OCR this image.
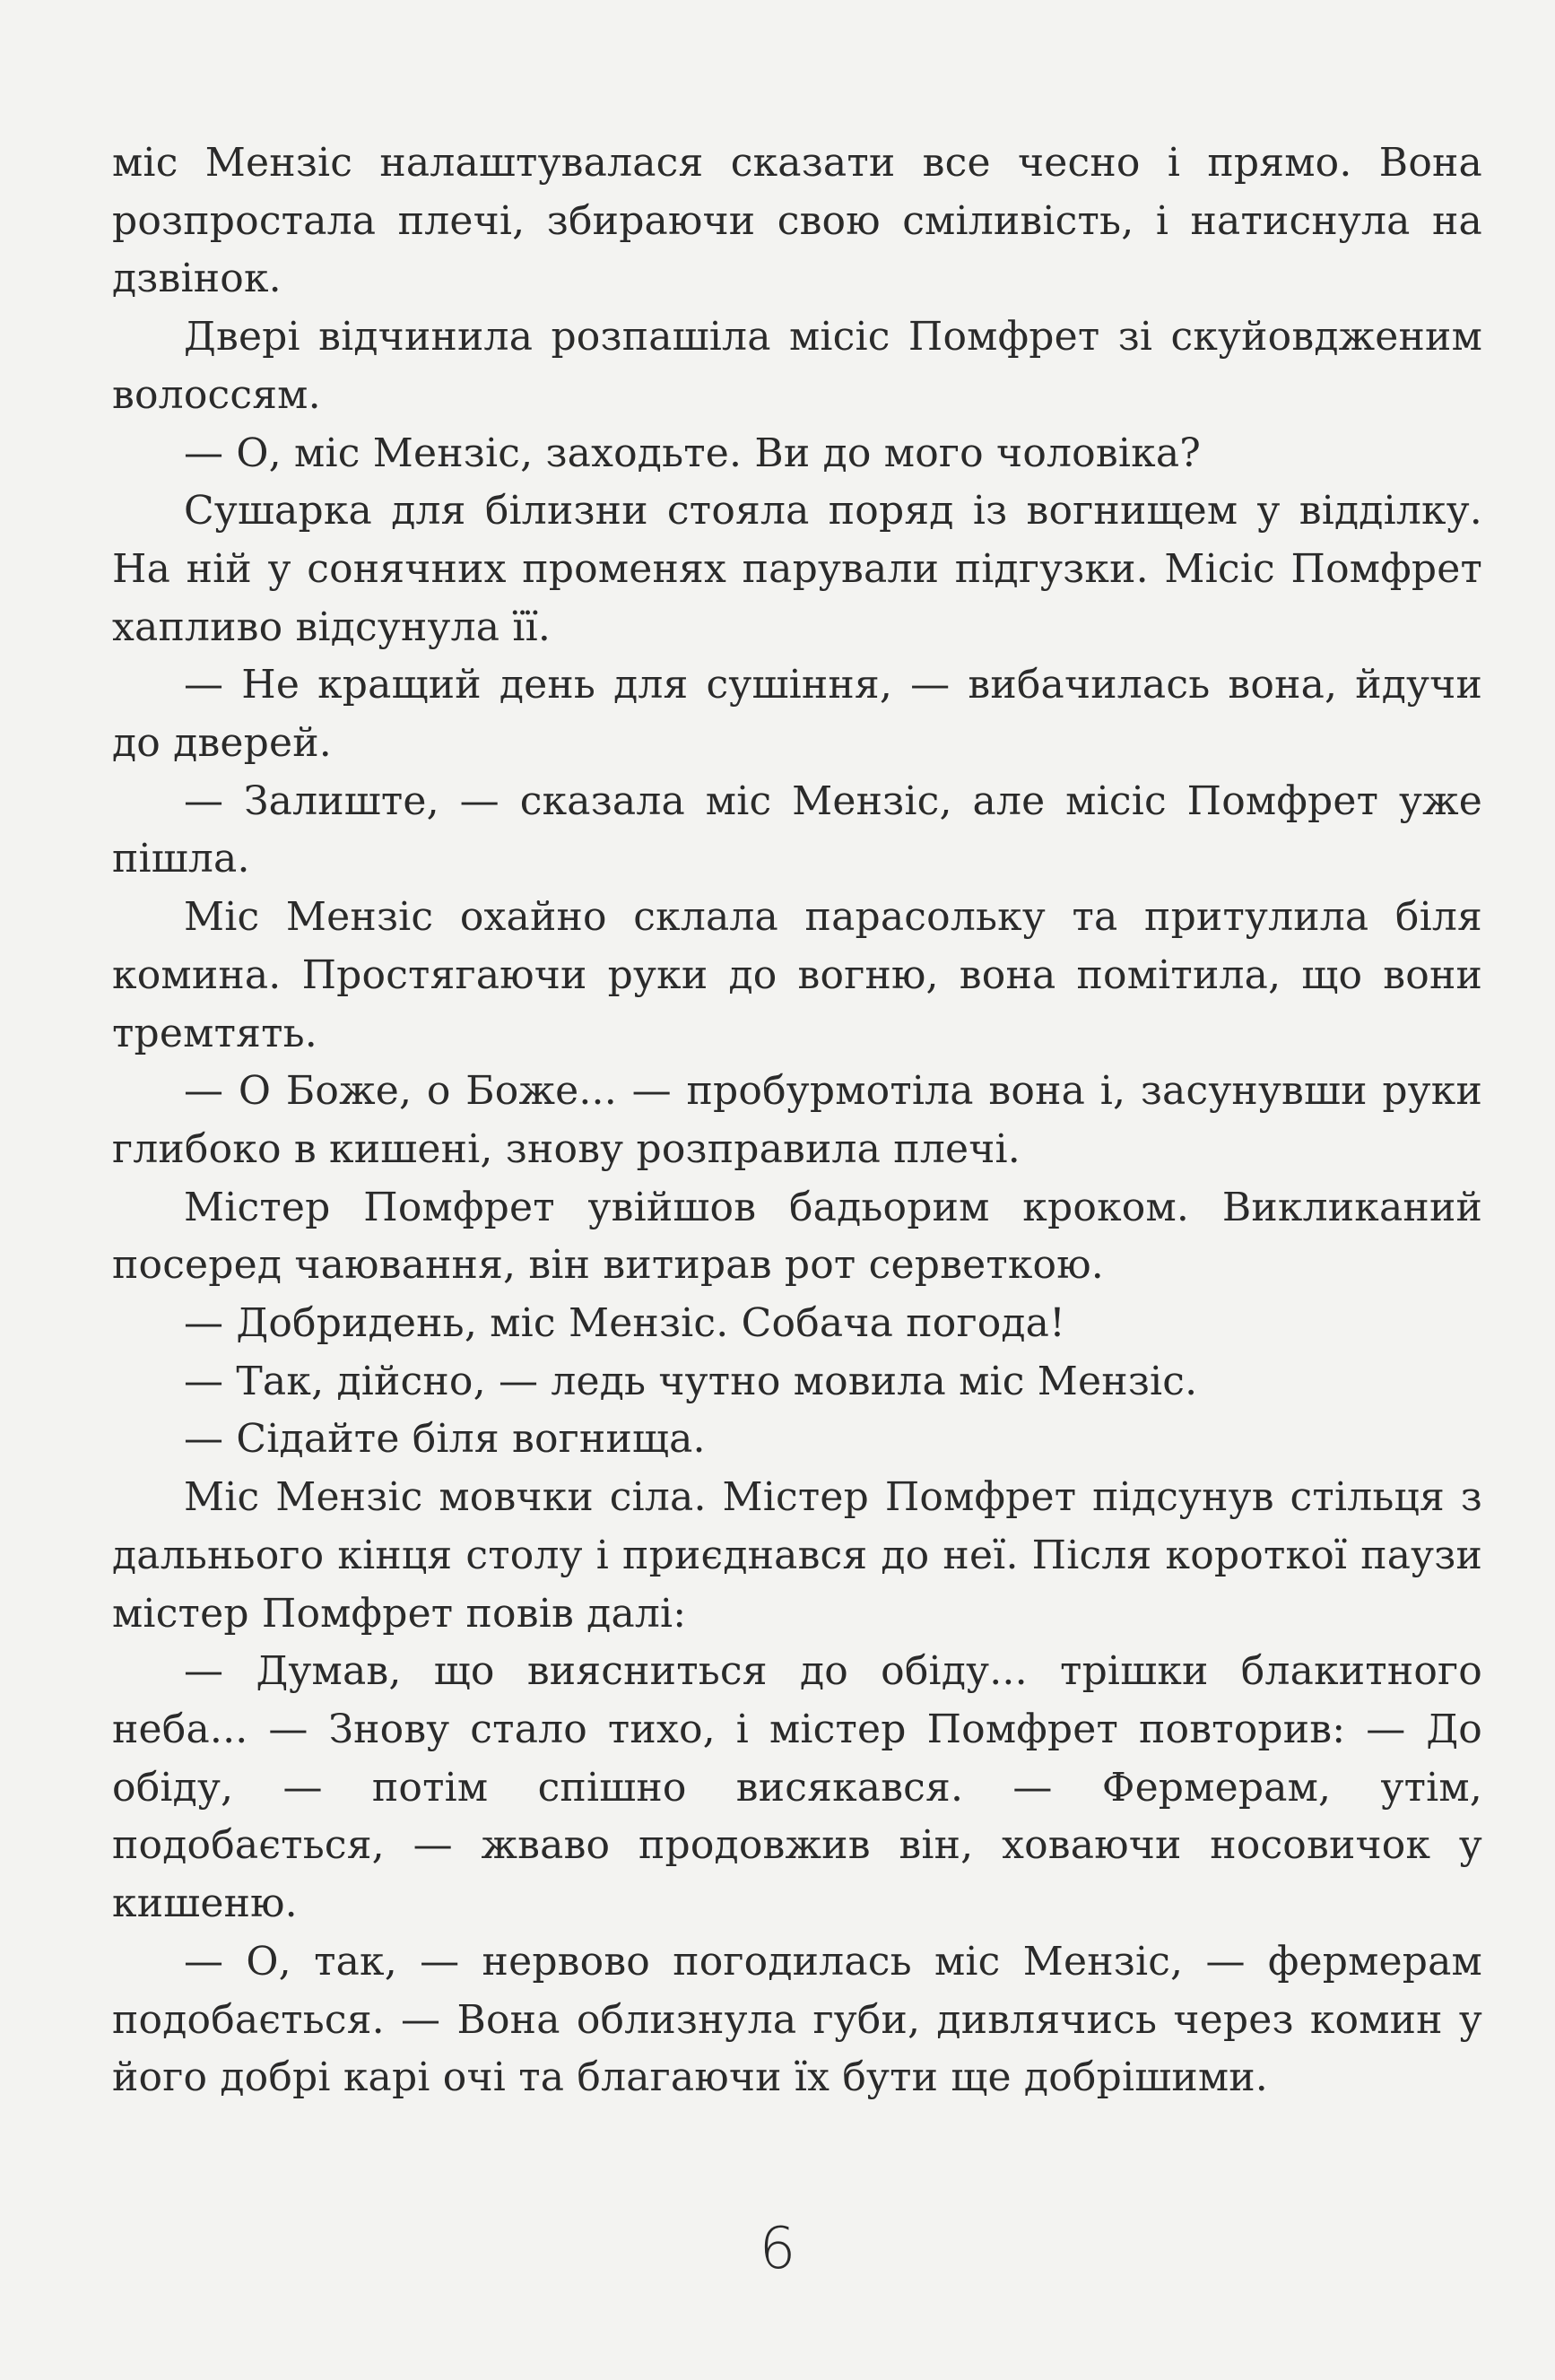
міс Мензіс налаштувалася сказати все чесно і прямо. Вона розпростала плечі, збираючи свою сміливість, і натиснула на дзвінок.

Двері відчинила розпашіла місіс Помфрет зі скуйовдженим волоссям.

— О, міс Мензіс, заходьте. Ви до мого чоловіка?

Сушарка для білизни стояла поряд із вогнищем у відділку. На ній у сонячних променях парували підгузки. Місіс Помфрет хапливо відсунула її.

— Не кращий день для сушіння, — вибачилась вона, йдучи до дверей.

— Залиште, — сказала міс Мензіс, але місіс Помфрет уже пішла.

Міс Мензіс охайно склала парасольку та притулила біля комина. Простягаючи руки до вогню, вона помітила, що вони тремтять.

— О Боже, о Боже... — пробурмотіла вона і, засунувши руки глибоко в кишені, знову розправила плечі.

Містер Помфрет увійшов бадьорим кроком. Викликаний посеред чаювання, він витирав рот серветкою.

— Добридень, міс Мензіс. Собача погода!

— Так, дійсно, — ледь чутно мовила міс Мензіс.

— Сідайте біля вогнища.

Міс Мензіс мовчки сіла. Містер Помфрет підсунув стільця з дальнього кінця столу і приєднався до неї. Після короткої паузи містер Помфрет повів далі:

— Думав, що виясниться до обіду... трішки блакитного неба... — Знову стало тихо, і містер Помфрет повторив: — До обіду, — потім спішно висякався. — Фермерам, утім, подобається, — жваво продовжив він, ховаючи носовичок у кишеню.

— О, так, — нервово погодилась міс Мензіс, — фермерам подобається. — Вона облизнула губи, дивлячись через комин у його добрі карі очі та благаючи їх бути ще добрішими.

6
